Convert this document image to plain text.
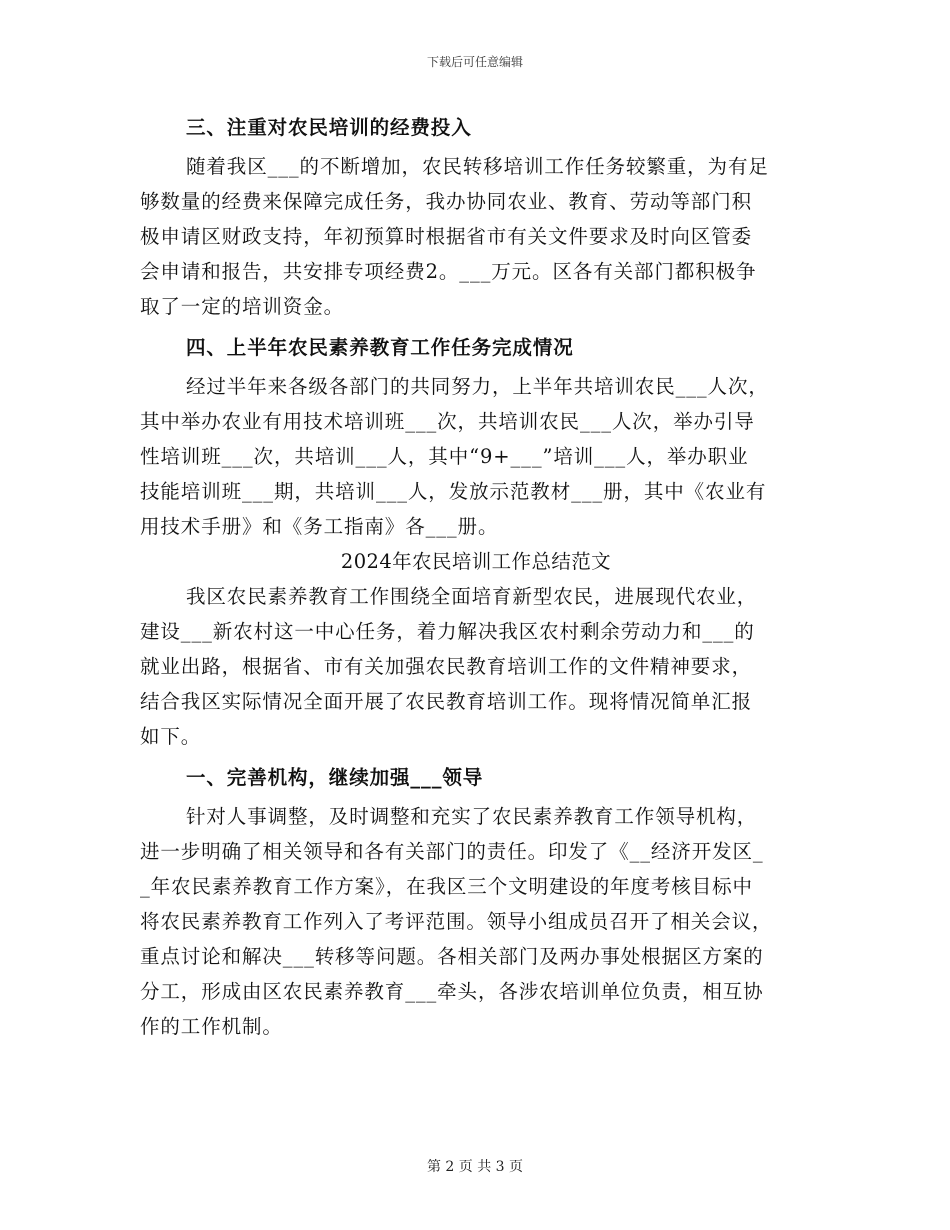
下载后可任意编辑
三、注重对农民培训的经费投入
随着我区___的不断增加，农民转移培训工作任务较繁重，为有足
够数量的经费来保障完成任务，我办协同农业、教育、劳动等部门积
极申请区财政支持，年初预算时根据省市有关文件要求及时向区管委
会申请和报告，共安排专项经费2。___万元。区各有关部门都积极争
取了一定的培训资金。
四、上半年农民素养教育工作任务完成情况
经过半年来各级各部门的共同努力，上半年共培训农民___人次，
其中举办农业有用技术培训班___次，共培训农民___人次，举办引导
性培训班___次，共培训___人，其中“9+___”培训___人，举办职业
技能培训班___期，共培训___人，发放示范教材___册，其中《农业有
用技术手册》和《务工指南》各___册。
2024年农民培训工作总结范文
我区农民素养教育工作围绕全面培育新型农民，进展现代农业，
建设___新农村这一中心任务，着力解决我区农村剩余劳动力和___的
就业出路，根据省、市有关加强农民教育培训工作的文件精神要求，
结合我区实际情况全面开展了农民教育培训工作。现将情况简单汇报
如下。
一、完善机构，继续加强___领导
针对人事调整，及时调整和充实了农民素养教育工作领导机构，
进一步明确了相关领导和各有关部门的责任。印发了《__经济开发区_
_年农民素养教育工作方案》，在我区三个文明建设的年度考核目标中
将农民素养教育工作列入了考评范围。领导小组成员召开了相关会议，
重点讨论和解决___转移等问题。各相关部门及两办事处根据区方案的
分工，形成由区农民素养教育___牵头，各涉农培训单位负责，相互协
作的工作机制。
第 2 页 共 3 页
